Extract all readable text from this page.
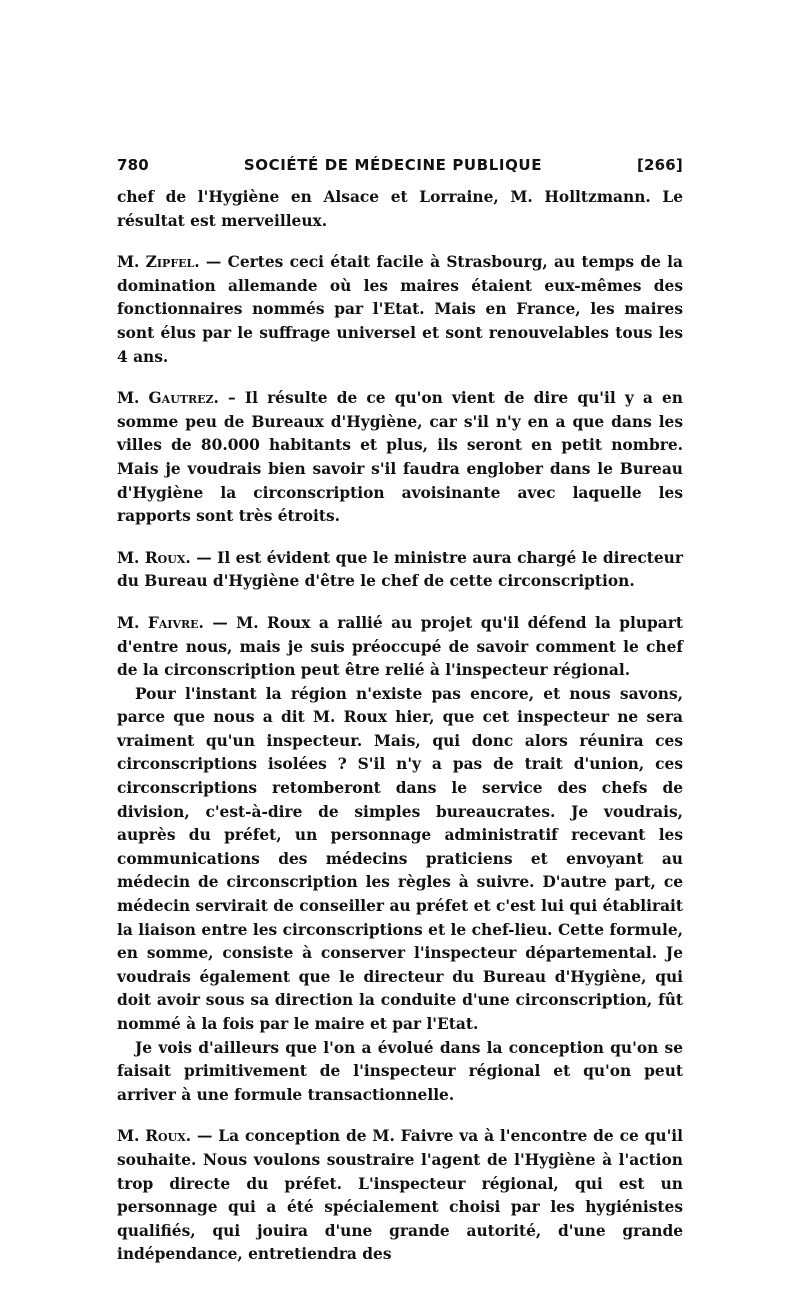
780	SOCIÉTÉ DE MÉDECINE PUBLIQUE	[266]

chef de l'Hygiène en Alsace et Lorraine, M. Holltzmann. Le résultat est merveilleux.

M. Zipfel. — Certes ceci était facile à Strasbourg, au temps de la domination allemande où les maires étaient eux-mêmes des fonctionnaires nommés par l'Etat. Mais en France, les maires sont élus par le suffrage universel et sont renouvelables tous les 4 ans.

M. Gautrez. – Il résulte de ce qu'on vient de dire qu'il y a en somme peu de Bureaux d'Hygiène, car s'il n'y en a que dans les villes de 80.000 habitants et plus, ils seront en petit nombre. Mais je voudrais bien savoir s'il faudra englober dans le Bureau d'Hygiène la circonscription avoisinante avec laquelle les rapports sont très étroits.

M. Roux. — Il est évident que le ministre aura chargé le directeur du Bureau d'Hygiène d'être le chef de cette circonscription.

M. Faivre. — M. Roux a rallié au projet qu'il défend la plupart d'entre nous, mais je suis préoccupé de savoir comment le chef de la circonscription peut être relié à l'inspecteur régional.

Pour l'instant la région n'existe pas encore, et nous savons, parce que nous a dit M. Roux hier, que cet inspecteur ne sera vraiment qu'un inspecteur. Mais, qui donc alors réunira ces circonscriptions isolées ? S'il n'y a pas de trait d'union, ces circonscriptions retomberont dans le service des chefs de division, c'est-à-dire de simples bureaucrates. Je voudrais, auprès du préfet, un personnage administratif recevant les communications des médecins praticiens et envoyant au médecin de circonscription les règles à suivre. D'autre part, ce médecin servirait de conseiller au préfet et c'est lui qui établirait la liaison entre les circonscriptions et le chef-lieu. Cette formule, en somme, consiste à conserver l'inspecteur départemental. Je voudrais également que le directeur du Bureau d'Hygiène, qui doit avoir sous sa direction la conduite d'une circonscription, fût nommé à la fois par le maire et par l'Etat.

Je vois d'ailleurs que l'on a évolué dans la conception qu'on se faisait primitivement de l'inspecteur régional et qu'on peut arriver à une formule transactionnelle.

M. Roux. — La conception de M. Faivre va à l'encontre de ce qu'il souhaite. Nous voulons soustraire l'agent de l'Hygiène à l'action trop directe du préfet. L'inspecteur régional, qui est un personnage qui a été spécialement choisi par les hygiénistes qualifiés, qui jouira d'une grande autorité, d'une grande indépendance, entretiendra des
